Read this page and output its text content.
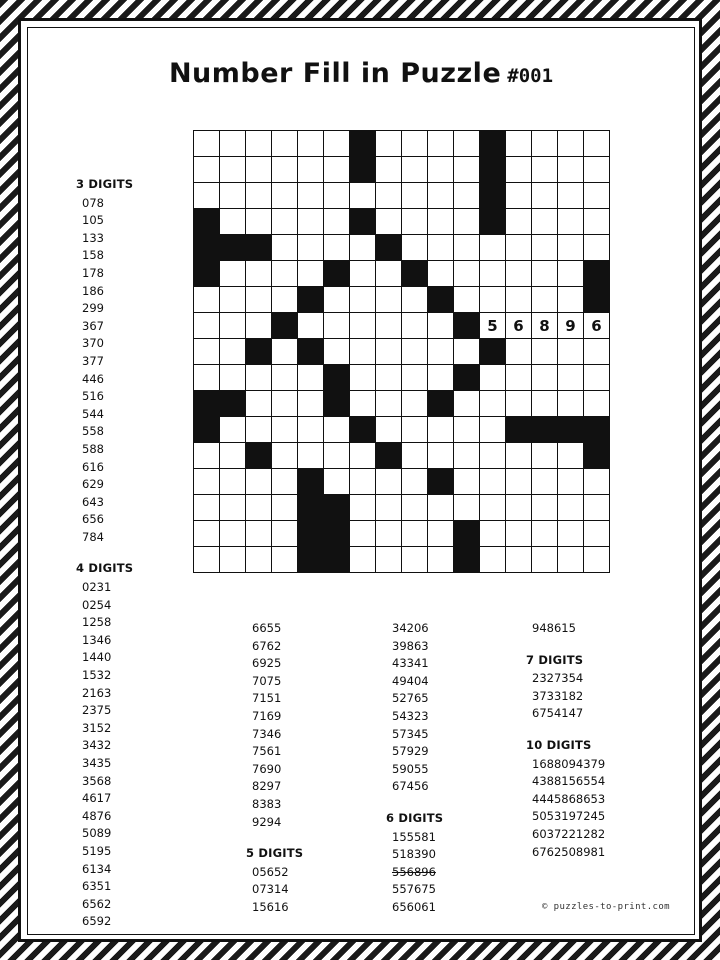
Number Fill in Puzzle #001

											5	6	8	9	6

3 DIGITS
078
105
133
158
178
186
299
367
370
377
446
516
544
558
588
616
629
643
656
784
4 DIGITS
0231
0254
1258
1346
1440
1532
2163
2375
3152
3432
3435
3568
4617
4876
5089
5195
6134
6351
6562
6592
6655
6762
6925
7075
7151
7169
7346
7561
7690
8297
8383
9294
5 DIGITS
05652
07314
15616
34206
39863
43341
49404
52765
54323
57345
57929
59055
67456
6 DIGITS
155581
518390
556896
557675
656061
948615
7 DIGITS
2327354
3733182
6754147
10 DIGITS
1688094379
4388156554
4445868653
5053197245
6037221282
6762508981
© puzzles-to-print.com
